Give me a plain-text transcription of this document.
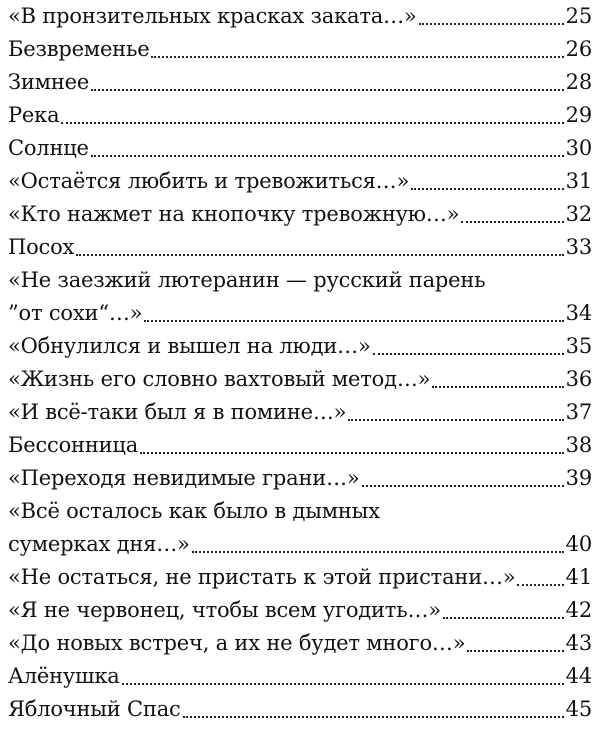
«В пронзительных красках заката…»	25
Безвременье	26
Зимнее	28
Река	29
Солнце	30
«Остаётся любить и тревожиться…»	31
«Кто нажмет на кнопочку тревожную…»	32
Посох	33
«Не заезжий лютеранин — русский парень
”от сохи“…»	34
«Обнулился и вышел на люди…»	35
«Жизнь его словно вахтовый метод…»	36
«И всё-таки был я в помине…»	37
Бессонница	38
«Переходя невидимые грани…»	39
«Всё осталось как было в дымных
сумерках дня…»	40
«Не остаться, не пристать к этой пристани…» 41
«Я не червонец, чтобы всем угодить…»	42
«До новых встреч, а их не будет много…»	43
Алёнушка	44
Яблочный Спас	45
